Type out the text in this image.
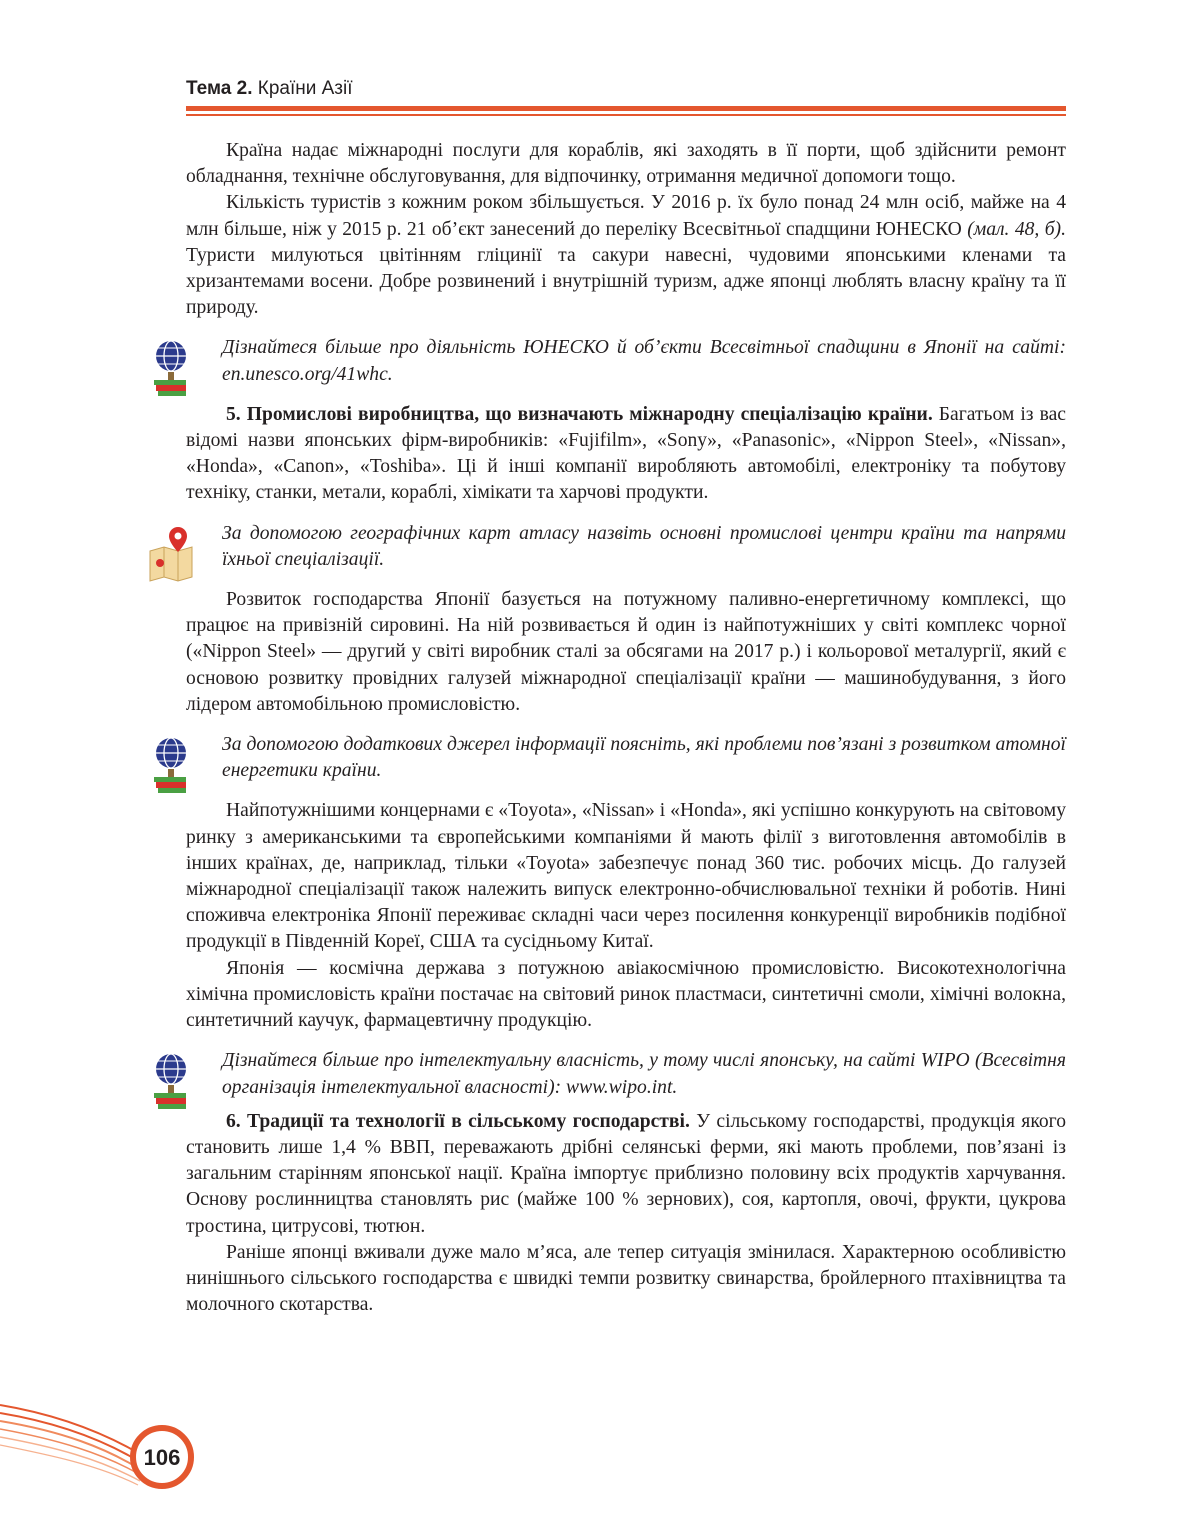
Тема 2. Країни Азії

Країна надає міжнародні послуги для кораблів, які заходять в її порти, щоб здійснити ремонт обладнання, технічне обслуговування, для відпочинку, отримання медичної допомоги тощо.

Кількість туристів з кожним роком збільшується. У 2016 р. їх було понад 24 млн осіб, майже на 4 млн більше, ніж у 2015 р. 21 об’єкт занесений до переліку Всесвітньої спадщини ЮНЕСКО (мал. 48, б). Туристи милуються цвітінням гліцинії та сакури навесні, чудовими японськими кленами та хризантемами восени. Добре розвинений і внутрішній туризм, адже японці люблять власну країну та її природу.

Дізнайтеся більше про діяльність ЮНЕСКО й об’єкти Всесвітньої спадщини в Японії на сайті: en.unesco.org/41whc.

5. Промислові виробництва, що визначають міжнародну спеціалізацію країни. Багатьом із вас відомі назви японських фірм-виробників: «Fujifilm», «Sony», «Panasonic», «Nippon Steel», «Nissan», «Honda», «Canon», «Toshiba». Ці й інші компанії виробляють автомобілі, електроніку та побутову техніку, станки, метали, кораблі, хімікати та харчові продукти.

За допомогою географічних карт атласу назвіть основні промислові центри країни та напрями їхньої спеціалізації.

Розвиток господарства Японії базується на потужному паливно-енергетичному комплексі, що працює на привізній сировині. На ній розвивається й один із найпотужніших у світі комплекс чорної («Nippon Steel» — другий у світі виробник сталі за обсягами на 2017 р.) і кольорової металургії, який є основою розвитку провідних галузей міжнародної спеціалізації країни — машинобудування, з його лідером автомобільною промисловістю.

За допомогою додаткових джерел інформації поясніть, які проблеми пов’язані з розвитком атомної енергетики країни.

Найпотужнішими концернами є «Toyota», «Nissan» і «Honda», які успішно конкурують на світовому ринку з американськими та європейськими компаніями й мають філії з виготовлення автомобілів в інших країнах, де, наприклад, тільки «Toyota» забезпечує понад 360 тис. робочих місць. До галузей міжнародної спеціалізації також належить випуск електронно-обчислювальної техніки й роботів. Нині споживча електроніка Японії переживає складні часи через посилення конкуренції виробників подібної продукції в Південній Кореї, США та сусідньому Китаї.

Японія — космічна держава з потужною авіакосмічною промисловістю. Високотехнологічна хімічна промисловість країни постачає на світовий ринок пластмаси, синтетичні смоли, хімічні волокна, синтетичний каучук, фармацевтичну продукцію.

Дізнайтеся більше про інтелектуальну власність, у тому числі японську, на сайті WIPO (Всесвітня організація інтелектуальної власності): www.wipo.int.

6. Традиції та технології в сільському господарстві. У сільському господарстві, продукція якого становить лише 1,4 % ВВП, переважають дрібні селянські ферми, які мають проблеми, пов’язані із загальним старінням японської нації. Країна імпортує приблизно половину всіх продуктів харчування. Основу рослинництва становлять рис (майже 100 % зернових), соя, картопля, овочі, фрукти, цукрова тростина, цитрусові, тютюн.

Раніше японці вживали дуже мало м’яса, але тепер ситуація змінилася. Характерною особливістю нинішнього сільського господарства є швидкі темпи розвитку свинарства, бройлерного птахівництва та молочного скотарства.

106
